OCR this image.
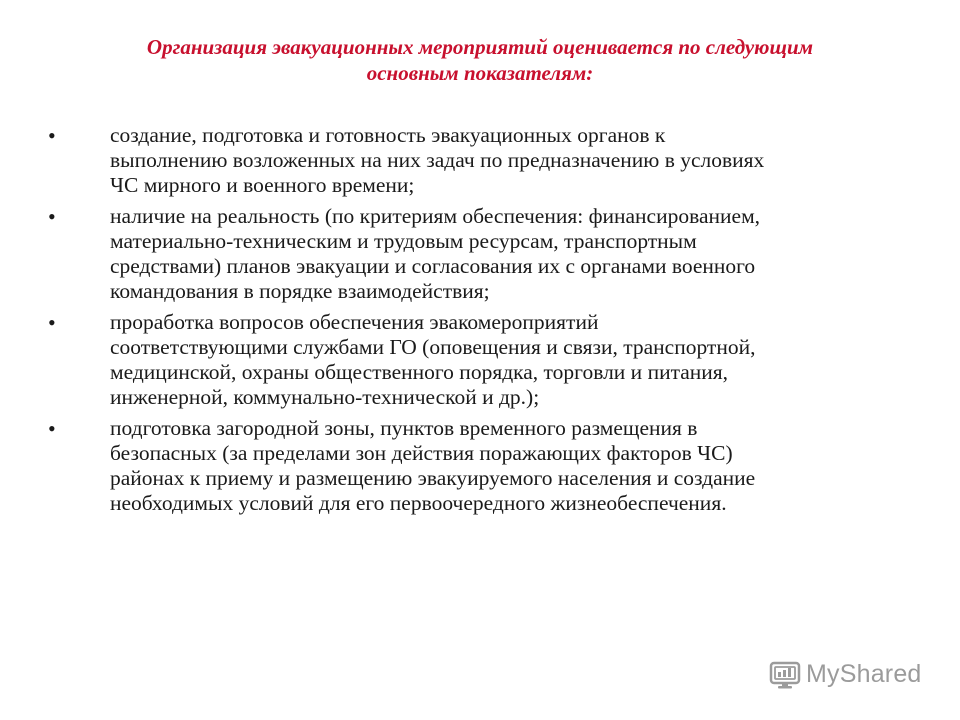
Организация эвакуационных мероприятий оценивается по следующим
основным показателям:
•	создание, подготовка и готовность эвакуационных органов к
выполнению возложенных на них задач по предназначению в условиях
ЧС мирного и военного времени;
•	наличие на реальность (по критериям обеспечения: финансированием,
материально-техническим и трудовым ресурсам, транспортным
средствами) планов эвакуации и согласования их с органами военного
командования в порядке взаимодействия;
•	проработка вопросов обеспечения эвакомероприятий
соответствующими службами ГО (оповещения и связи, транспортной,
медицинской, охраны общественного порядка, торговли и питания,
инженерной, коммунально-технической и др.);
•	подготовка загородной зоны, пунктов временного размещения в
безопасных (за пределами зон действия поражающих факторов ЧС)
районах к приему и размещению эвакуируемого населения и создание
необходимых условий для его первоочередного жизнеобеспечения.
MyShared
